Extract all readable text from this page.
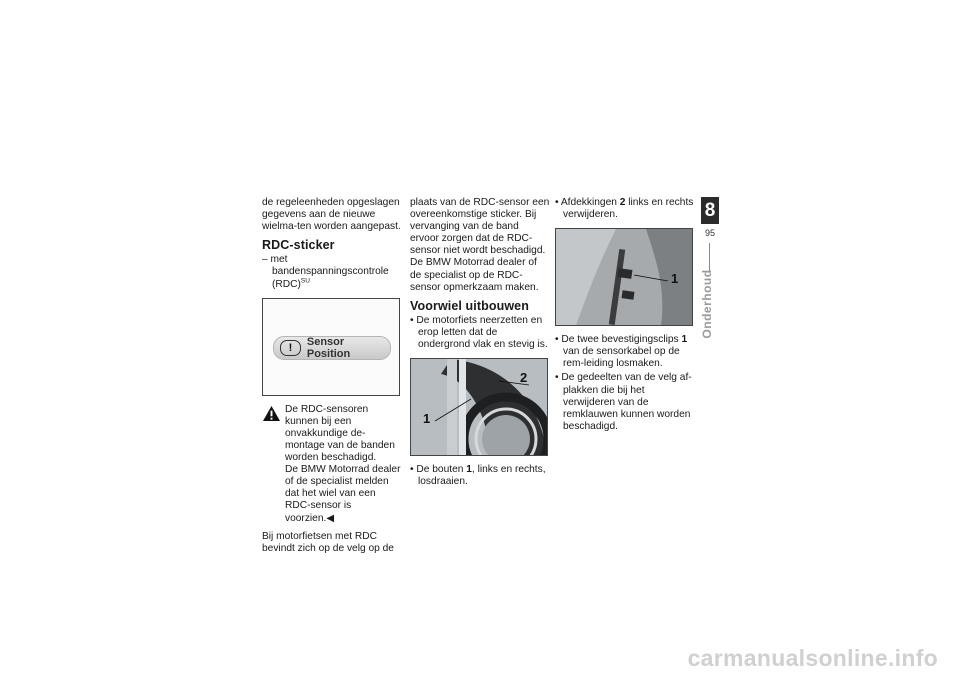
de regeleenheden opgeslagen gegevens aan de nieuwe wielma-ten worden aangepast.

RDC-sticker

– met bandenspanningscontrole (RDC)$^{SU}$

!
Sensor Position

De RDC-sensoren kunnen bij een onvakkundige de-montage van de banden worden beschadigd.
De BMW Motorrad dealer of de specialist melden dat het wiel van een RDC-sensor is voorzien.◀

Bij motorfietsen met RDC bevindt zich op de velg op de

plaats van de RDC-sensor een overeenkomstige sticker. Bij vervanging van de band ervoor zorgen dat de RDC-sensor niet wordt beschadigd. De BMW Motorrad dealer of de specialist op de RDC-sensor opmerkzaam maken.

Voorwiel uitbouwen

• De motorfiets neerzetten en erop letten dat de ondergrond vlak en stevig is.

1
2

• De bouten 1, links en rechts, losdraaien.

• Afdekkingen 2 links en rechts verwijderen.

1

• De twee bevestigingsclips 1 van de sensorkabel op de rem-leiding losmaken.

• De gedeelten van de velg af-plakken die bij het verwijderen van de remklauwen kunnen worden beschadigd.

8
95
Onderhoud
carmanualsonline.info
